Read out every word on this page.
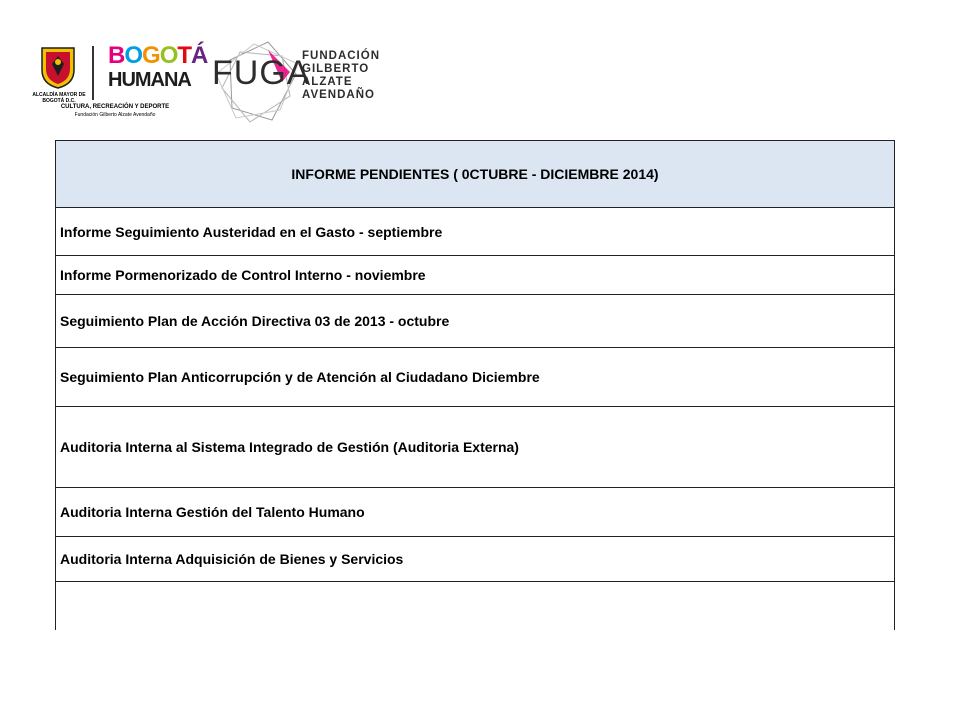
ALCALDÍA MAYOR DE BOGOTÁ D.C.
BOGOTÁ
HUMANA
CULTURA, RECREACIÓN Y DEPORTE
Fundación Gilberto Alzate Avendaño
FUGA
FUNDACIÓN
GILBERTO
ALZATE
AVENDAÑO
INFORME PENDIENTES ( 0CTUBRE - DICIEMBRE 2014)
Informe Seguimiento Austeridad en el Gasto - septiembre
Informe Pormenorizado de Control Interno - noviembre
Seguimiento Plan de Acción Directiva 03 de 2013 - octubre
Seguimiento Plan Anticorrupción y de Atención al Ciudadano Diciembre
Auditoria Interna al Sistema Integrado de Gestión (Auditoria Externa)
Auditoria Interna Gestión del Talento Humano
Auditoria Interna Adquisición de Bienes y Servicios
